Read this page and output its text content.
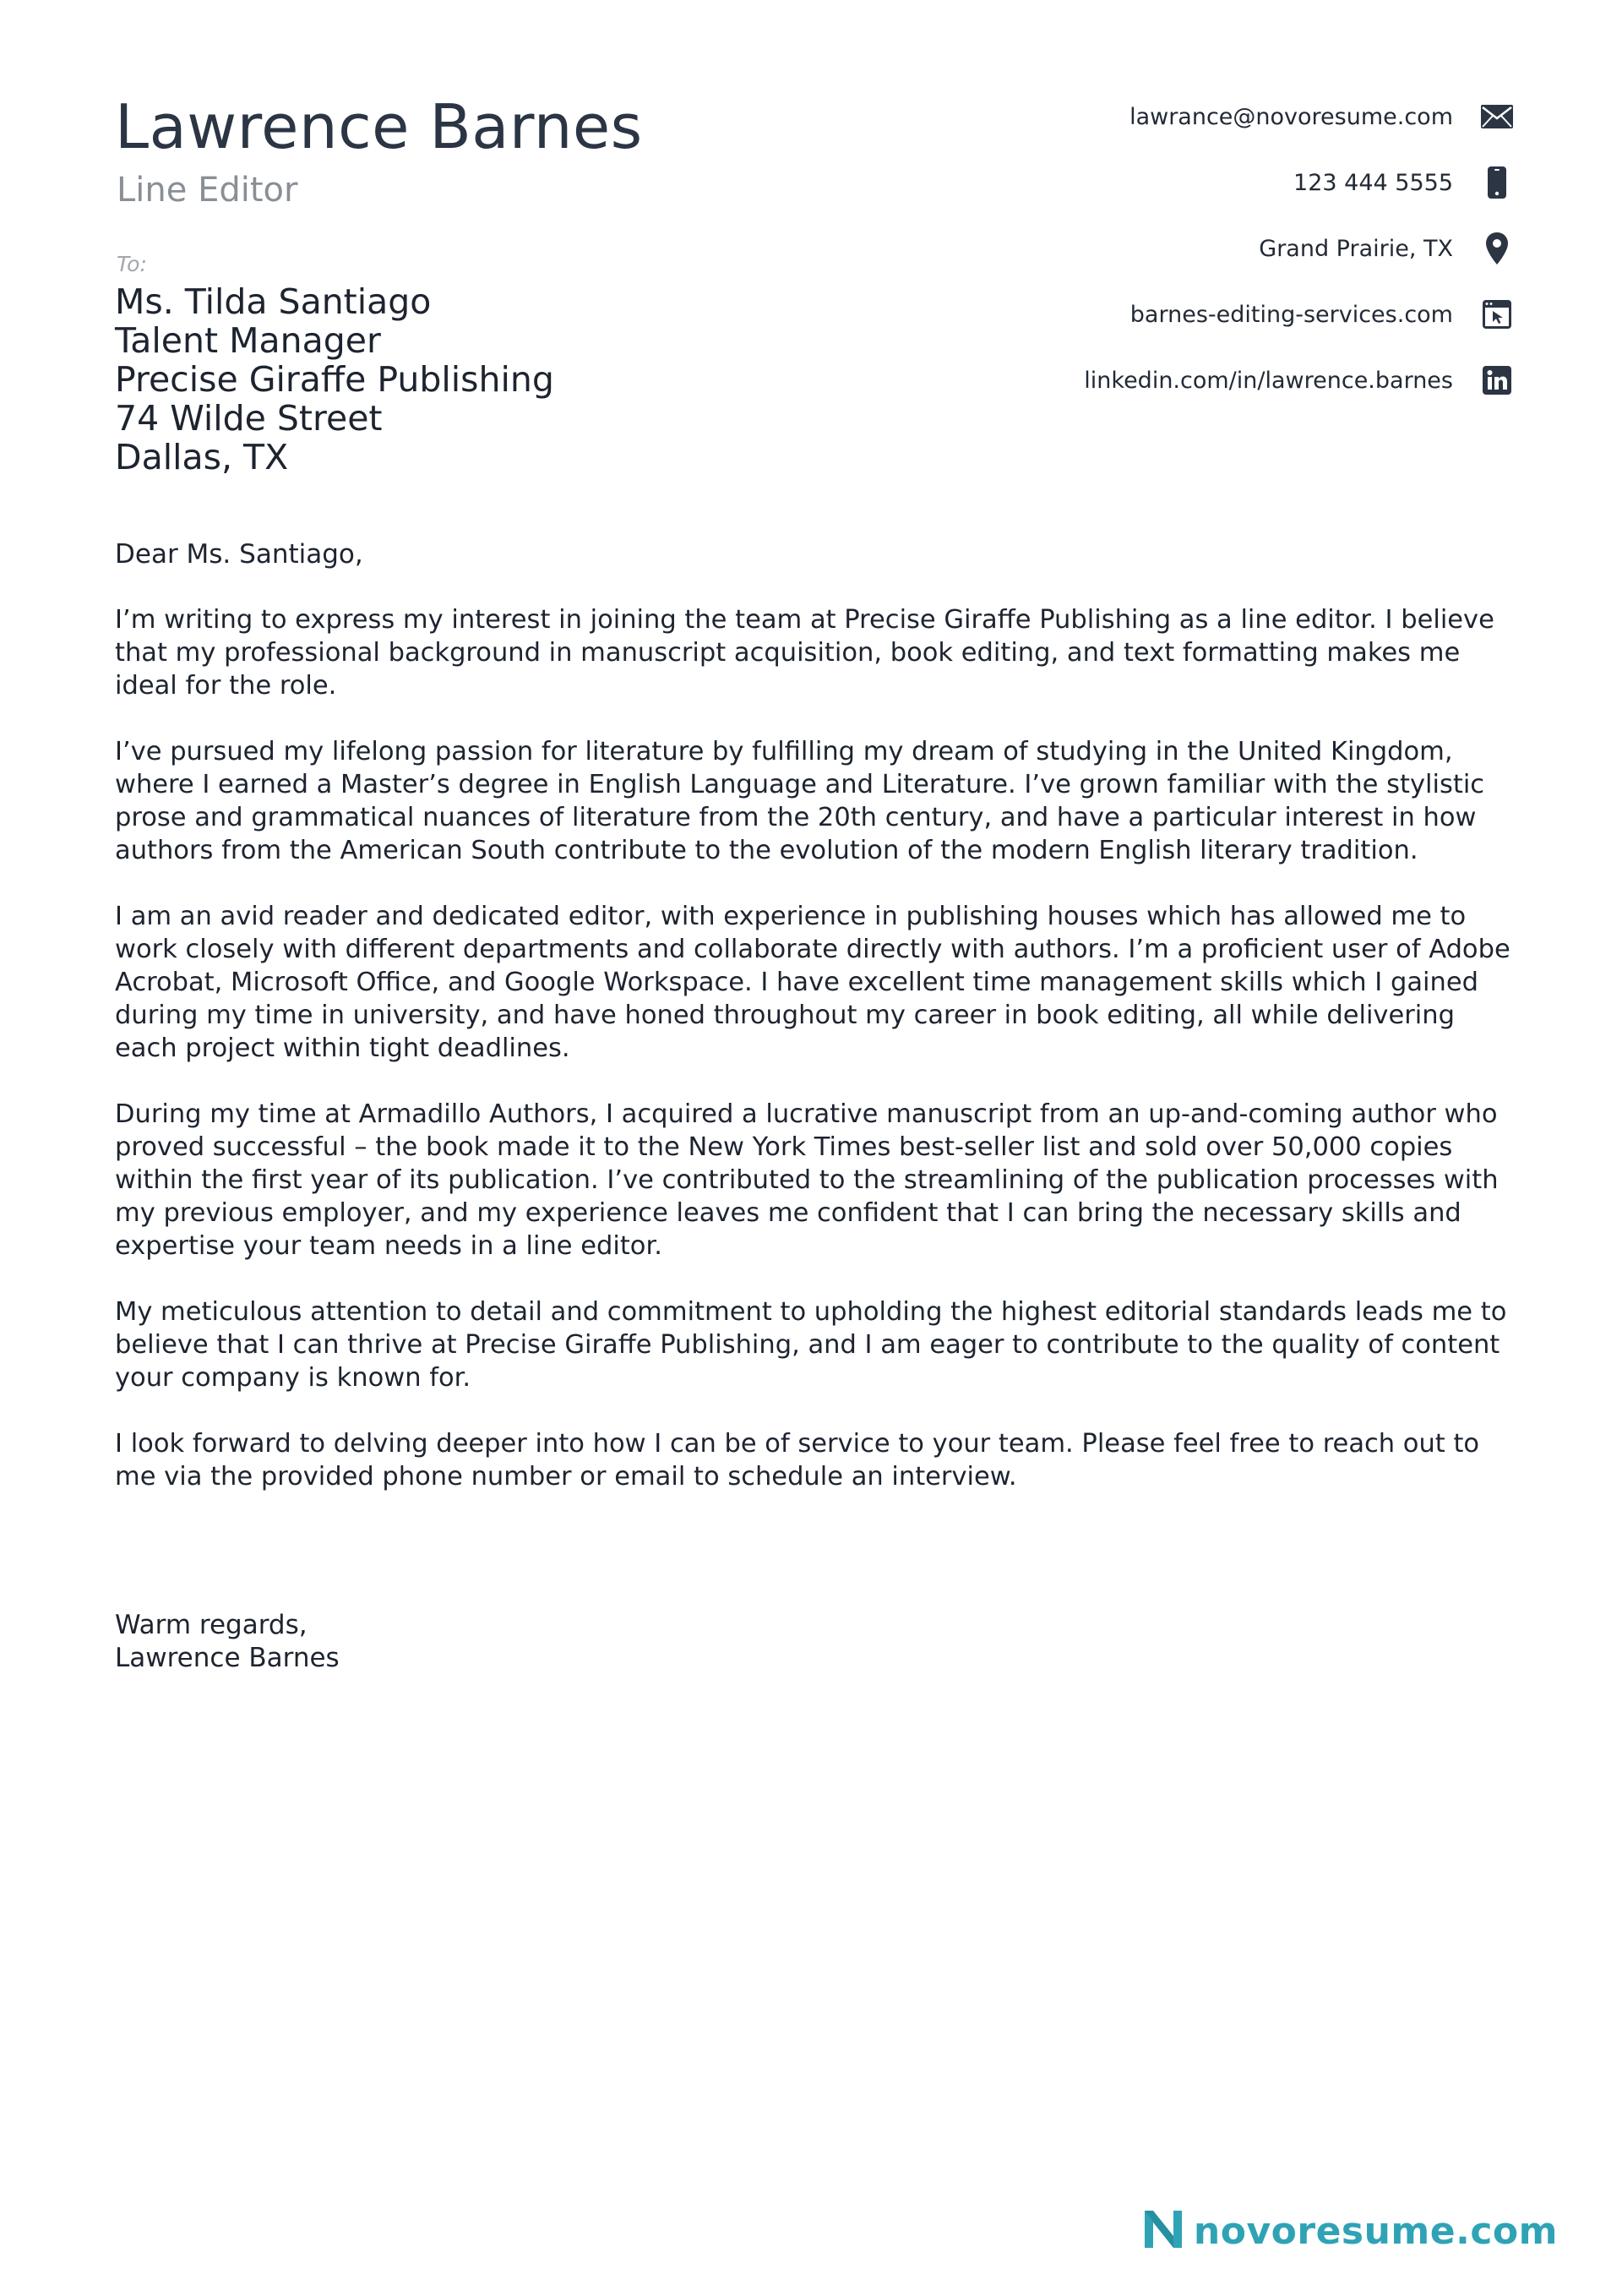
Lawrence Barnes
Line Editor
To:
Ms. Tilda Santiago
Talent Manager
Precise Giraffe Publishing
74 Wilde Street
Dallas, TX
lawrance@novoresume.com
123 444 5555
Grand Prairie, TX
barnes-editing-services.com
linkedin.com/in/lawrence.barnes
Dear Ms. Santiago,

I’m writing to express my interest in joining the team at Precise Giraffe Publishing as a line editor. I believe that my professional background in manuscript acquisition, book editing, and text formatting makes me ideal for the role.

I’ve pursued my lifelong passion for literature by fulfilling my dream of studying in the United Kingdom, where I earned a Master’s degree in English Language and Literature. I’ve grown familiar with the stylistic prose and grammatical nuances of literature from the 20th century, and have a particular interest in how authors from the American South contribute to the evolution of the modern English literary tradition.

I am an avid reader and dedicated editor, with experience in publishing houses which has allowed me to work closely with different departments and collaborate directly with authors. I’m a proficient user of Adobe Acrobat, Microsoft Office, and Google Workspace. I have excellent time management skills which I gained during my time in university, and have honed throughout my career in book editing, all while delivering each project within tight deadlines.

During my time at Armadillo Authors, I acquired a lucrative manuscript from an up-and-coming author who proved successful – the book made it to the New York Times best-seller list and sold over 50,000 copies within the first year of its publication. I’ve contributed to the streamlining of the publication processes with my previous employer, and my experience leaves me confident that I can bring the necessary skills and expertise your team needs in a line editor.

My meticulous attention to detail and commitment to upholding the highest editorial standards leads me to believe that I can thrive at Precise Giraffe Publishing, and I am eager to contribute to the quality of content your company is known for.

I look forward to delving deeper into how I can be of service to your team. Please feel free to reach out to me via the provided phone number or email to schedule an interview.

Warm regards,
Lawrence Barnes
novoresume.com
